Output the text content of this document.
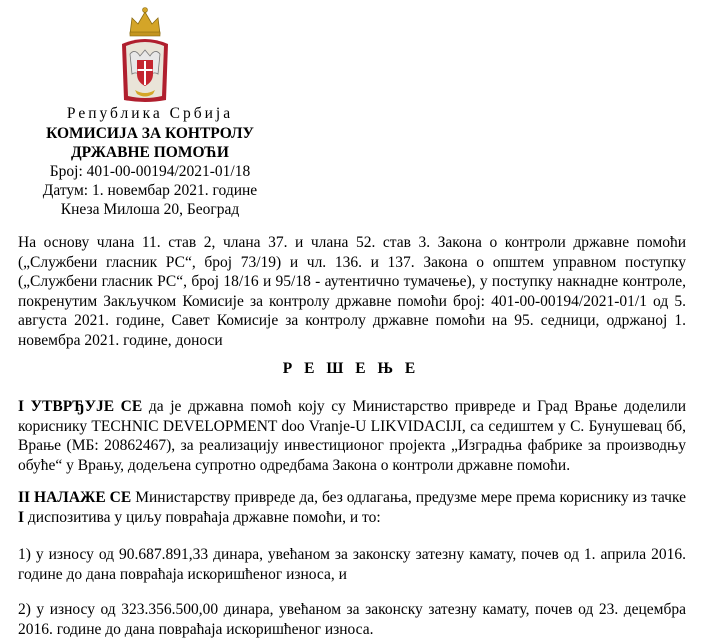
Република Србија
КОМИСИЈА ЗА КОНТРОЛУ
ДРЖАВНЕ ПОМОЋИ
Број: 401-00-00194/2021-01/18
Датум: 1. новембар 2021. године
Кнеза Милоша 20, Београд

На основу члана 11. став 2, члана 37. и члана 52. став 3. Закона о контроли државне помоћи („Службени гласник РС“, број 73/19) и чл. 136. и 137. Закона о општем управном поступку („Службени гласник РС“, број 18/16 и 95/18 - аутентично тумачење), у поступку накнадне контроле, покренутим Закључком Комисије за контролу државне помоћи број: 401-00-00194/2021-01/1 од 5. августа 2021. године, Савет Комисије за контролу државне помоћи на 95. седници, одржаној 1. новембра 2021. године, доноси

Р Е Ш Е Њ Е

I УТВРЂУЈЕ СЕ да је државна помоћ коју су Министарство привреде и Град Врање доделили кориснику TECHNIC DEVELOPMENT doo Vranje-U LIKVIDACIJI, са седиштем у С. Бунушевац бб, Врање (МБ: 20862467), за реализацију инвестиционог пројекта „Изградња фабрике за производњу обуће“ у Врању, додељена супротно одредбама Закона о контроли државне помоћи.

II НАЛАЖЕ СЕ Министарству привреде да, без одлагања, предузме мере према кориснику из тачке I диспозитива у циљу повраћаја државне помоћи, и то:

1) у износу од 90.687.891,33 динара, увећаном за законску затезну камату, почев од 1. априла 2016. године до дана повраћаја искоришћеног износа, и

2) у износу од 323.356.500,00 динара, увећаном за законску затезну камату, почев од 23. децембра 2016. године до дана повраћаја искоришћеног износа.
